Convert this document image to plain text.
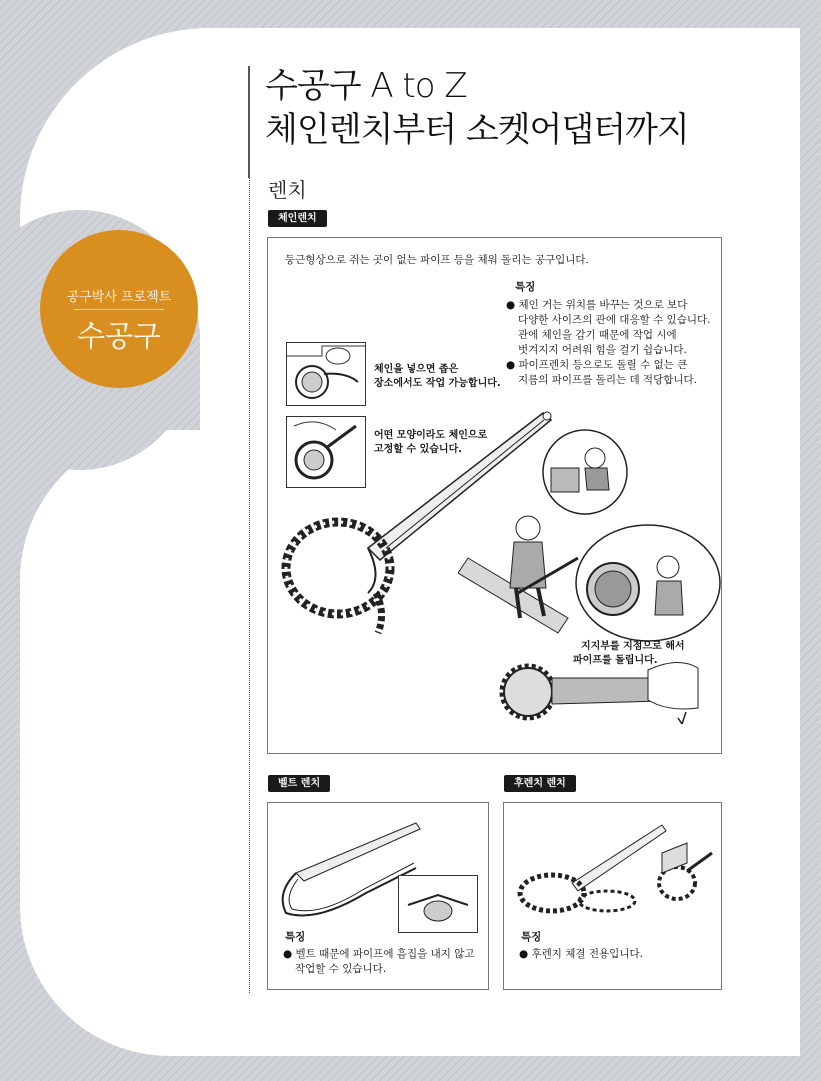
공구박사 프로젝트
수공구
수공구 A to Z
체인렌치부터 소켓어댑터까지
렌치
체인렌치
둥근형상으로 쥐는 곳이 없는 파이프 등을 체워 돌리는 공구입니다.
특징
● 체인 거는 위치를 바꾸는 것으로 보다
다양한 사이즈의 관에 대응할 수 있습니다.
관에 체인을 감기 때문에 작업 시에
벗겨지지 어려워 힘을 걸기 쉽습니다.
● 파이프렌치 등으로도 돌릴 수 없는 큰
지름의 파이프를 돌리는 데 적당합니다.
체인을 넣으면 좁은
장소에서도 작업 가능합니다.
어떤 모양이라도 체인으로
고정할 수 있습니다.
지지부를 지점으로 해서
파이프를 돌립니다.
벨트 렌치
특징
● 벨트 때문에 파이프에 흠집을 내지 않고
작업할 수 있습니다.
후렌치 렌치
특징
● 후렌지 체결 전용입니다.
